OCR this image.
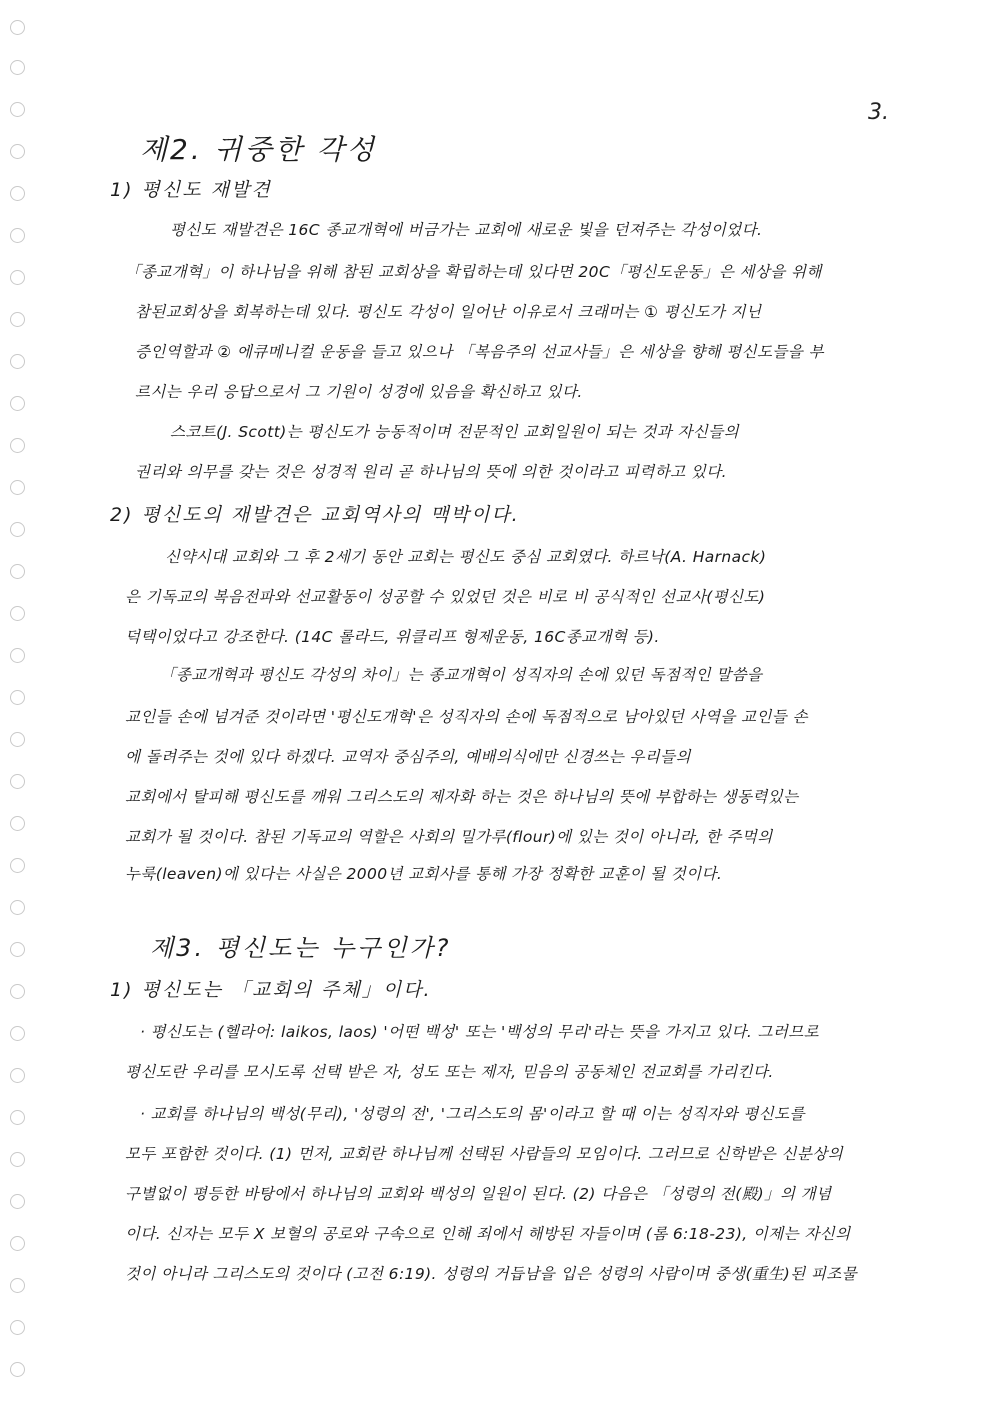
3.
제2. 귀중한 각성
1) 평신도 재발견
평신도 재발견은 16C 종교개혁에 버금가는 교회에 새로운 빛을 던져주는 각성이었다.
「종교개혁」이 하나님을 위해 참된 교회상을 확립하는데 있다면 20C「평신도운동」은 세상을 위해
참된교회상을 회복하는데 있다. 평신도 각성이 일어난 이유로서 크래머는 ① 평신도가 지닌
증인역할과 ② 에큐메니컬 운동을 들고 있으나 「복음주의 선교사들」은 세상을 향해 평신도들을 부
르시는 우리 응답으로서 그 기원이 성경에 있음을 확신하고 있다.
스코트(J. Scott)는 평신도가 능동적이며 전문적인 교회일원이 되는 것과 자신들의
권리와 의무를 갖는 것은 성경적 원리 곧 하나님의 뜻에 의한 것이라고 피력하고 있다.
2) 평신도의 재발견은 교회역사의 맥박이다.
신약시대 교회와 그 후 2세기 동안 교회는 평신도 중심 교회였다. 하르낙(A. Harnack)
은 기독교의 복음전파와 선교활동이 성공할 수 있었던 것은 비로 비 공식적인 선교사(평신도)
덕택이었다고 강조한다. (14C 롤라드, 위클리프 형제운동, 16C종교개혁 등).
「종교개혁과 평신도 각성의 차이」는 종교개혁이 성직자의 손에 있던 독점적인 말씀을
교인들 손에 넘겨준 것이라면 '평신도개혁'은 성직자의 손에 독점적으로 남아있던 사역을 교인들 손
에 돌려주는 것에 있다 하겠다. 교역자 중심주의, 예배의식에만 신경쓰는 우리들의
교회에서 탈피해 평신도를 깨워 그리스도의 제자화 하는 것은 하나님의 뜻에 부합하는 생동력있는
교회가 될 것이다. 참된 기독교의 역할은 사회의 밀가루(flour)에 있는 것이 아니라, 한 주먹의
누룩(leaven)에 있다는 사실은 2000년 교회사를 통해 가장 정확한 교훈이 될 것이다.
제3. 평신도는 누구인가?
1) 평신도는 「교회의 주체」이다.
· 평신도는 (헬라어: laikos, laos) '어떤 백성' 또는 '백성의 무리'라는 뜻을 가지고 있다. 그러므로
평신도란 우리를 모시도록 선택 받은 자, 성도 또는 제자, 믿음의 공동체인 전교회를 가리킨다.
· 교회를 하나님의 백성(무리), '성령의 전', '그리스도의 몸'이라고 할 때 이는 성직자와 평신도를
모두 포함한 것이다. (1) 먼저, 교회란 하나님께 선택된 사람들의 모임이다. 그러므로 신학받은 신분상의
구별없이 평등한 바탕에서 하나님의 교회와 백성의 일원이 된다. (2) 다음은 「성령의 전(殿)」의 개념
이다. 신자는 모두 X 보혈의 공로와 구속으로 인해 죄에서 해방된 자들이며 (롬 6:18-23), 이제는 자신의
것이 아니라 그리스도의 것이다 (고전 6:19). 성령의 거듭남을 입은 성령의 사람이며 중생(重生)된 피조물
